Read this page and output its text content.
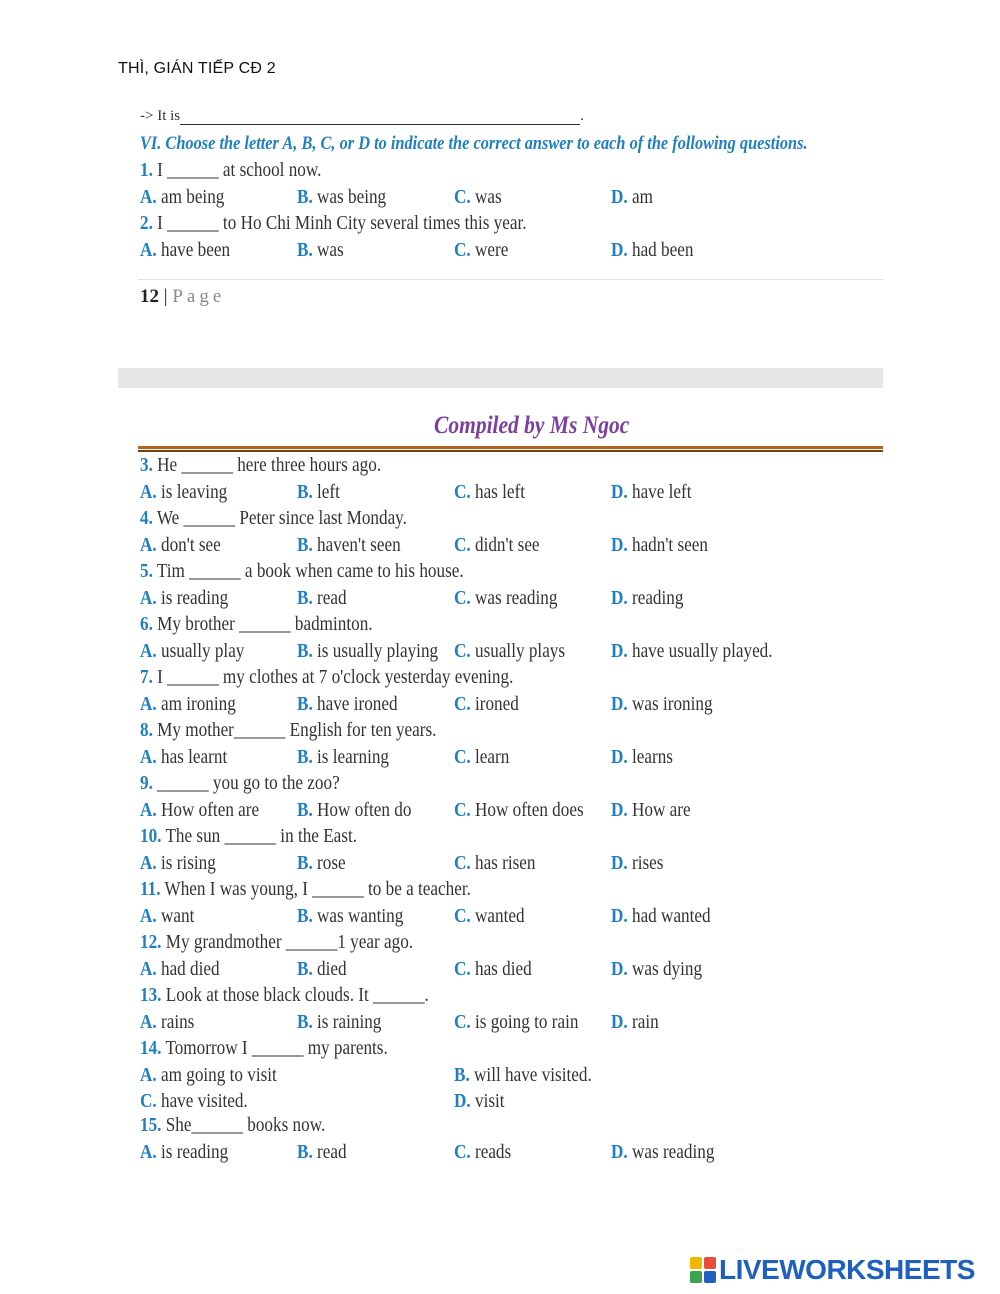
THÌ, GIÁN TIẾP CĐ 2
-> It is	.
VI. Choose the letter A, B, C, or D to indicate the correct answer to each of the following questions.
1. I ______ at school now.
A. am being	B. was being	C. was	D. am
2. I ______ to Ho Chi Minh City several times this year.
A. have been	B. was	C. were	D. had been
3. He ______ here three hours ago.
A. is leaving	B. left	C. has left	D. have left
4. We ______ Peter since last Monday.
A. don't see	B. haven't seen	C. didn't see	D. hadn't seen
5. Tim ______ a book when came to his house.
A. is reading	B. read	C. was reading	D. reading
6. My brother ______ badminton.
A. usually play	B. is usually playing C. usually plays D. have usually played.
7. I ______ my clothes at 7 o'clock yesterday evening.
A. am ironing	B. have ironed	C. ironed	D. was ironing
8. My mother______ English for ten years.
A. has learnt	B. is learning	C. learn	D. learns
9. ______ you go to the zoo?
A. How often are B. How often do C. How often does D. How are
10. The sun ______ in the East.
A. is rising	B. rose	C. has risen	D. rises
11. When I was young, I ______ to be a teacher.
A. want	B. was wanting	C. wanted	D. had wanted
12. My grandmother ______1 year ago.
A. had died	B. died	C. has died	D. was dying
13. Look at those black clouds. It ______.
A. rains	B. is raining	C. is going to rain D. rain
14. Tomorrow I ______ my parents.
A. am going to visit	B. will have visited.
C. have visited.	D. visit
15. She______ books now.
A. is reading	B. read	C. reads	D. was reading
12 | Page
Compiled by Ms Ngoc
LIVEWORKSHEETS
